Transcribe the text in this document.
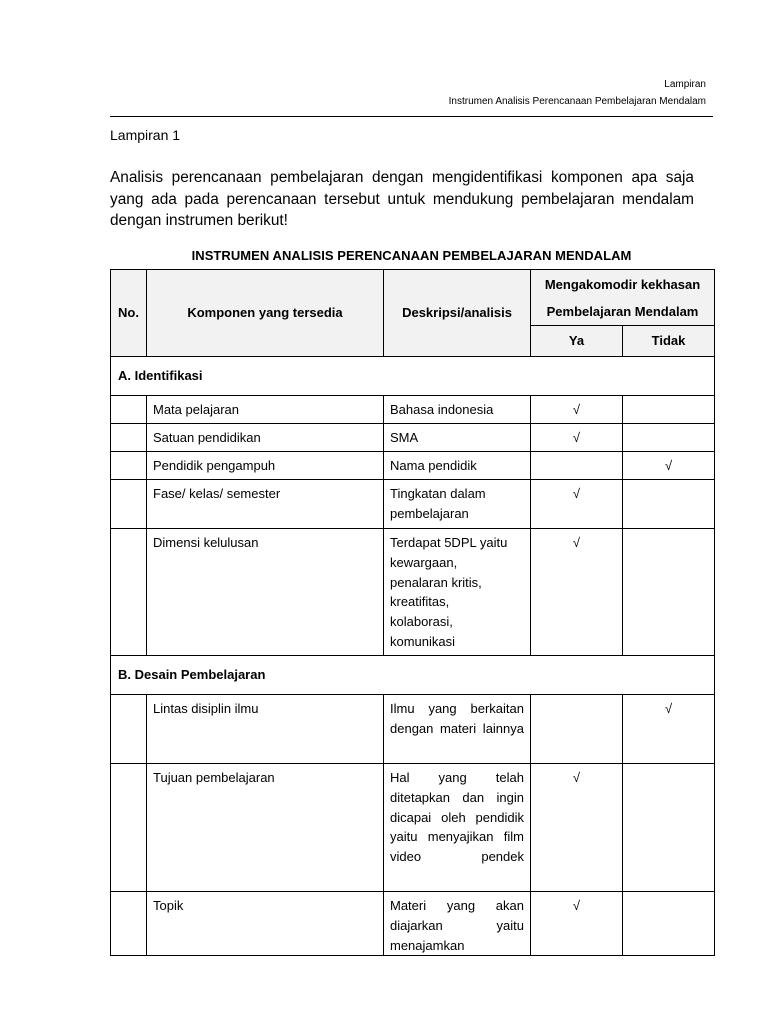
Lampiran
Instrumen Analisis Perencanaan Pembelajaran Mendalam
Lampiran 1
Analisis perencanaan pembelajaran dengan mengidentifikasi komponen apa saja yang ada pada perencanaan tersebut untuk mendukung pembelajaran mendalam dengan instrumen berikut!
INSTRUMEN ANALISIS PERENCANAAN PEMBELAJARAN MENDALAM
No.	Komponen yang tersedia	Deskripsi/analisis	Mengakomodir kekhasan
Pembelajaran Mendalam	
			Ya	Tidak
A. Identifikasi				
	Mata pelajaran	Bahasa indonesia	√	
	Satuan pendidikan	SMA	√	
	Pendidik pengampuh	Nama pendidik		√
	Fase/ kelas/ semester	Tingkatan dalam pembelajaran	√	
	Dimensi kelulusan	Terdapat 5DPL yaitu kewargaan, penalaran kritis, kreatifitas, kolaborasi, komunikasi	√	
B. Desain Pembelajaran				
	Lintas disiplin ilmu	Ilmu yang berkaitan dengan materi lainnya		√
	Tujuan pembelajaran	Hal yang telah ditetapkan dan ingin dicapai oleh pendidik yaitu menyajikan film video pendek	√	
	Topik	Materi yang akan diajarkan yaitu menajamkan	√	
